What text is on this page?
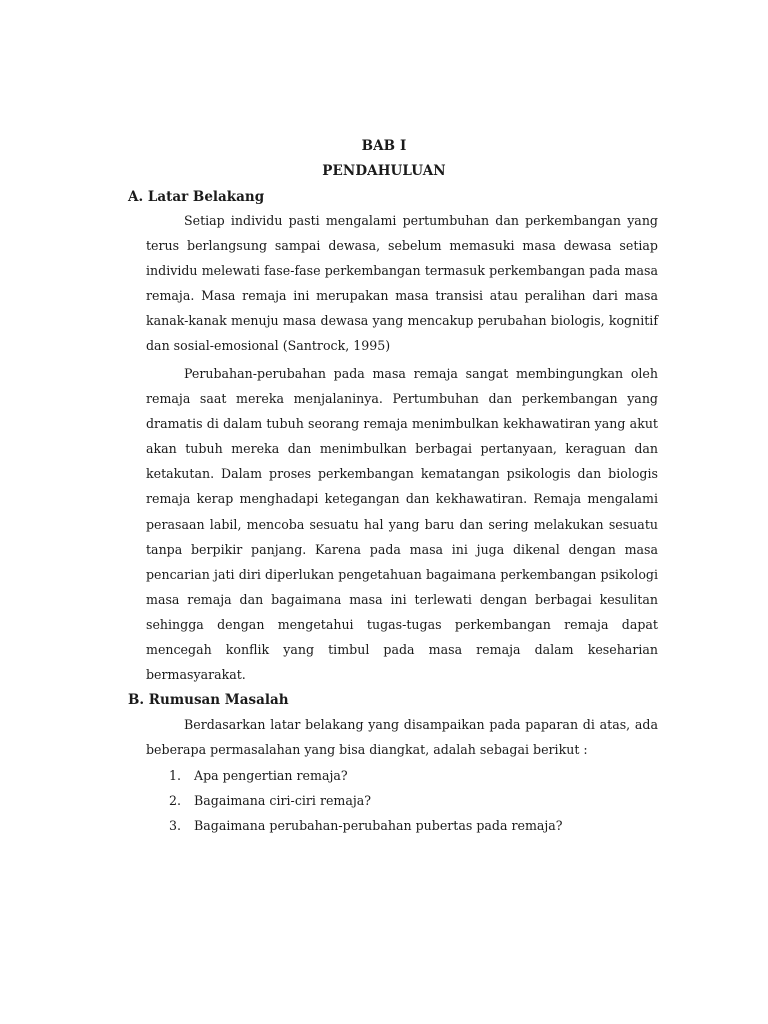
BAB I
PENDAHULUAN
A. Latar Belakang

Setiap individu pasti mengalami pertumbuhan dan perkembangan yang terus berlangsung sampai dewasa, sebelum memasuki masa dewasa setiap individu melewati fase-fase perkembangan termasuk perkembangan pada masa remaja. Masa remaja ini merupakan masa transisi atau peralihan dari masa kanak-kanak menuju masa dewasa yang mencakup perubahan biologis, kognitif dan sosial-emosional (Santrock, 1995)

Perubahan-perubahan pada masa remaja sangat membingungkan oleh remaja saat mereka menjalaninya. Pertumbuhan dan perkembangan yang dramatis di dalam tubuh seorang remaja menimbulkan kekhawatiran yang akut akan tubuh mereka dan menimbulkan berbagai pertanyaan, keraguan dan ketakutan. Dalam proses perkembangan kematangan psikologis dan biologis remaja kerap menghadapi ketegangan dan kekhawatiran. Remaja mengalami perasaan labil, mencoba sesuatu hal yang baru dan sering melakukan sesuatu tanpa berpikir panjang. Karena pada masa ini juga dikenal dengan masa pencarian jati diri diperlukan pengetahuan bagaimana perkembangan psikologi masa remaja dan bagaimana masa ini terlewati dengan berbagai kesulitan sehingga dengan mengetahui tugas-tugas perkembangan remaja dapat mencegah konflik yang timbul pada masa remaja dalam keseharian bermasyarakat.

B. Rumusan Masalah

Berdasarkan latar belakang yang disampaikan pada paparan di atas, ada beberapa permasalahan yang bisa diangkat, adalah sebagai berikut :

1.	Apa pengertian remaja?
2.	Bagaimana ciri-ciri remaja?
3.	Bagaimana perubahan-perubahan pubertas pada remaja?
